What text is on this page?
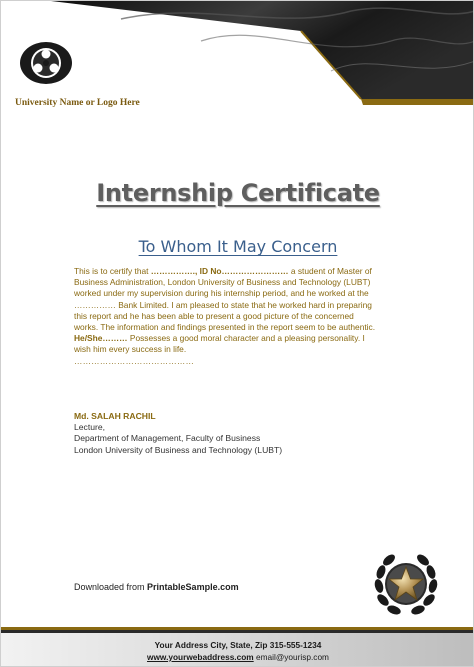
University Name or Logo Here
Internship Certificate
To Whom It May Concern
This is to certify that ……………., ID No…………………… a student of Master of
Business Administration, London University of Business and Technology (LUBT)
worked under my supervision during his internship period, and he worked at the
…………… Bank Limited. I am pleased to state that he worked hard in preparing
this report and he has been able to present a good picture of the concerned
works. The information and findings presented in the report seem to be authentic.
He/She……… Possesses a good moral character and a pleasing personality. I
wish him every success in life.
……………………………………
Md. SALAH RACHIL
Lecture,
Department of Management, Faculty of Business
London University of Business and Technology (LUBT)
Downloaded from PrintableSample.com
Your Address City, State, Zip 315-555-1234
www.yourwebaddress.com email@yourisp.com
